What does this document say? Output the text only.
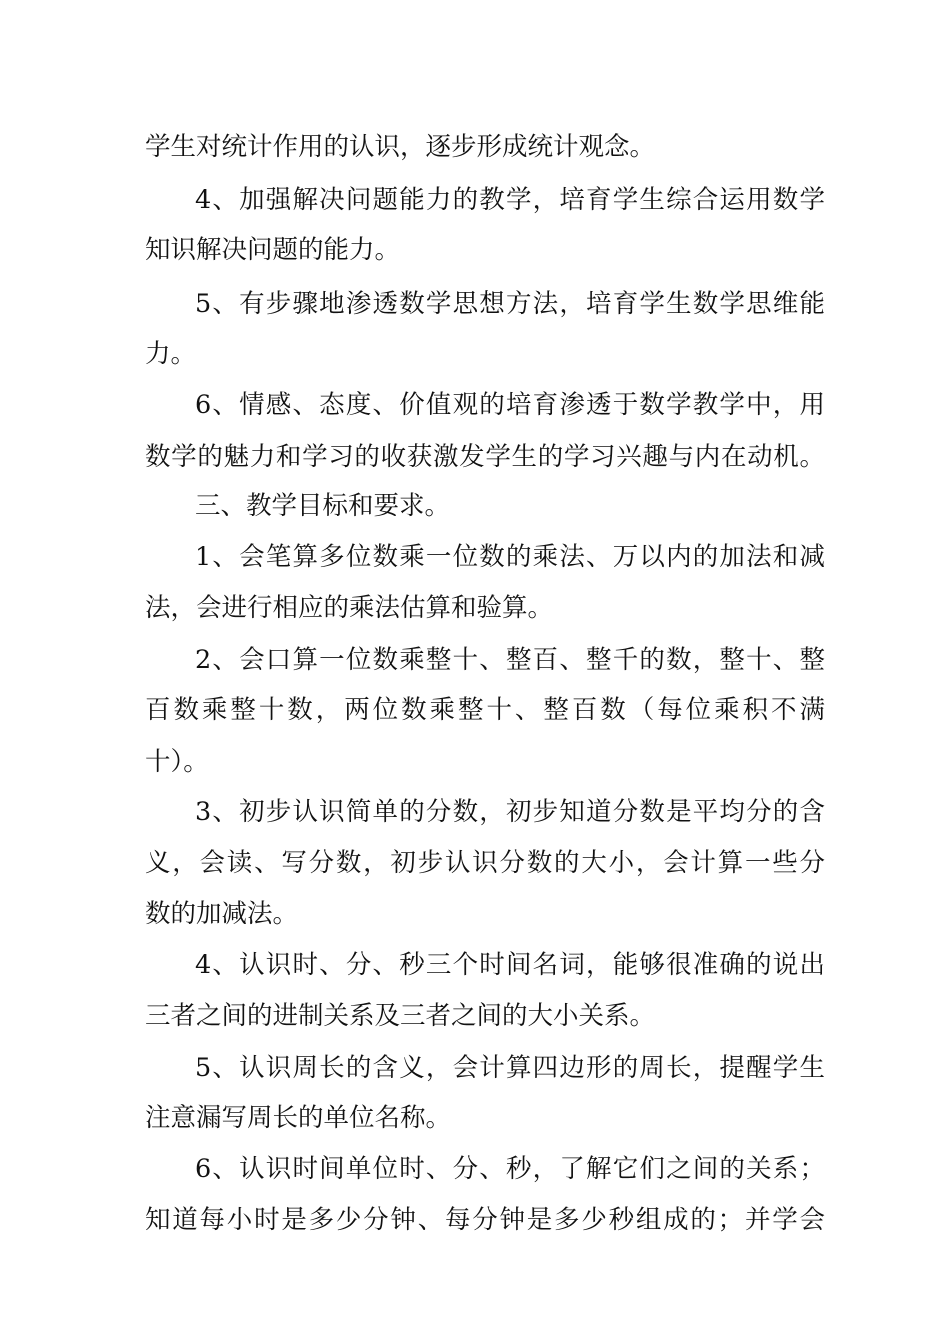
学生对统计作用的认识，逐步形成统计观念。
4、加强解决问题能力的教学，培育学生综合运用数学
知识解决问题的能力。
5、有步骤地渗透数学思想方法，培育学生数学思维能
力。
6、情感、态度、价值观的培育渗透于数学教学中，用
数学的魅力和学习的收获激发学生的学习兴趣与内在动机。
三、教学目标和要求。
1、会笔算多位数乘一位数的乘法、万以内的加法和减
法，会进行相应的乘法估算和验算。
2、会口算一位数乘整十、整百、整千的数，整十、整
百数乘整十数，两位数乘整十、整百数（每位乘积不满
十）。
3、初步认识简单的分数，初步知道分数是平均分的含
义，会读、写分数，初步认识分数的大小，会计算一些分
数的加减法。
4、认识时、分、秒三个时间名词，能够很准确的说出
三者之间的进制关系及三者之间的大小关系。
5、认识周长的含义，会计算四边形的周长，提醒学生
注意漏写周长的单位名称。
6、认识时间单位时、分、秒，了解它们之间的关系；
知道每小时是多少分钟、每分钟是多少秒组成的；并学会
